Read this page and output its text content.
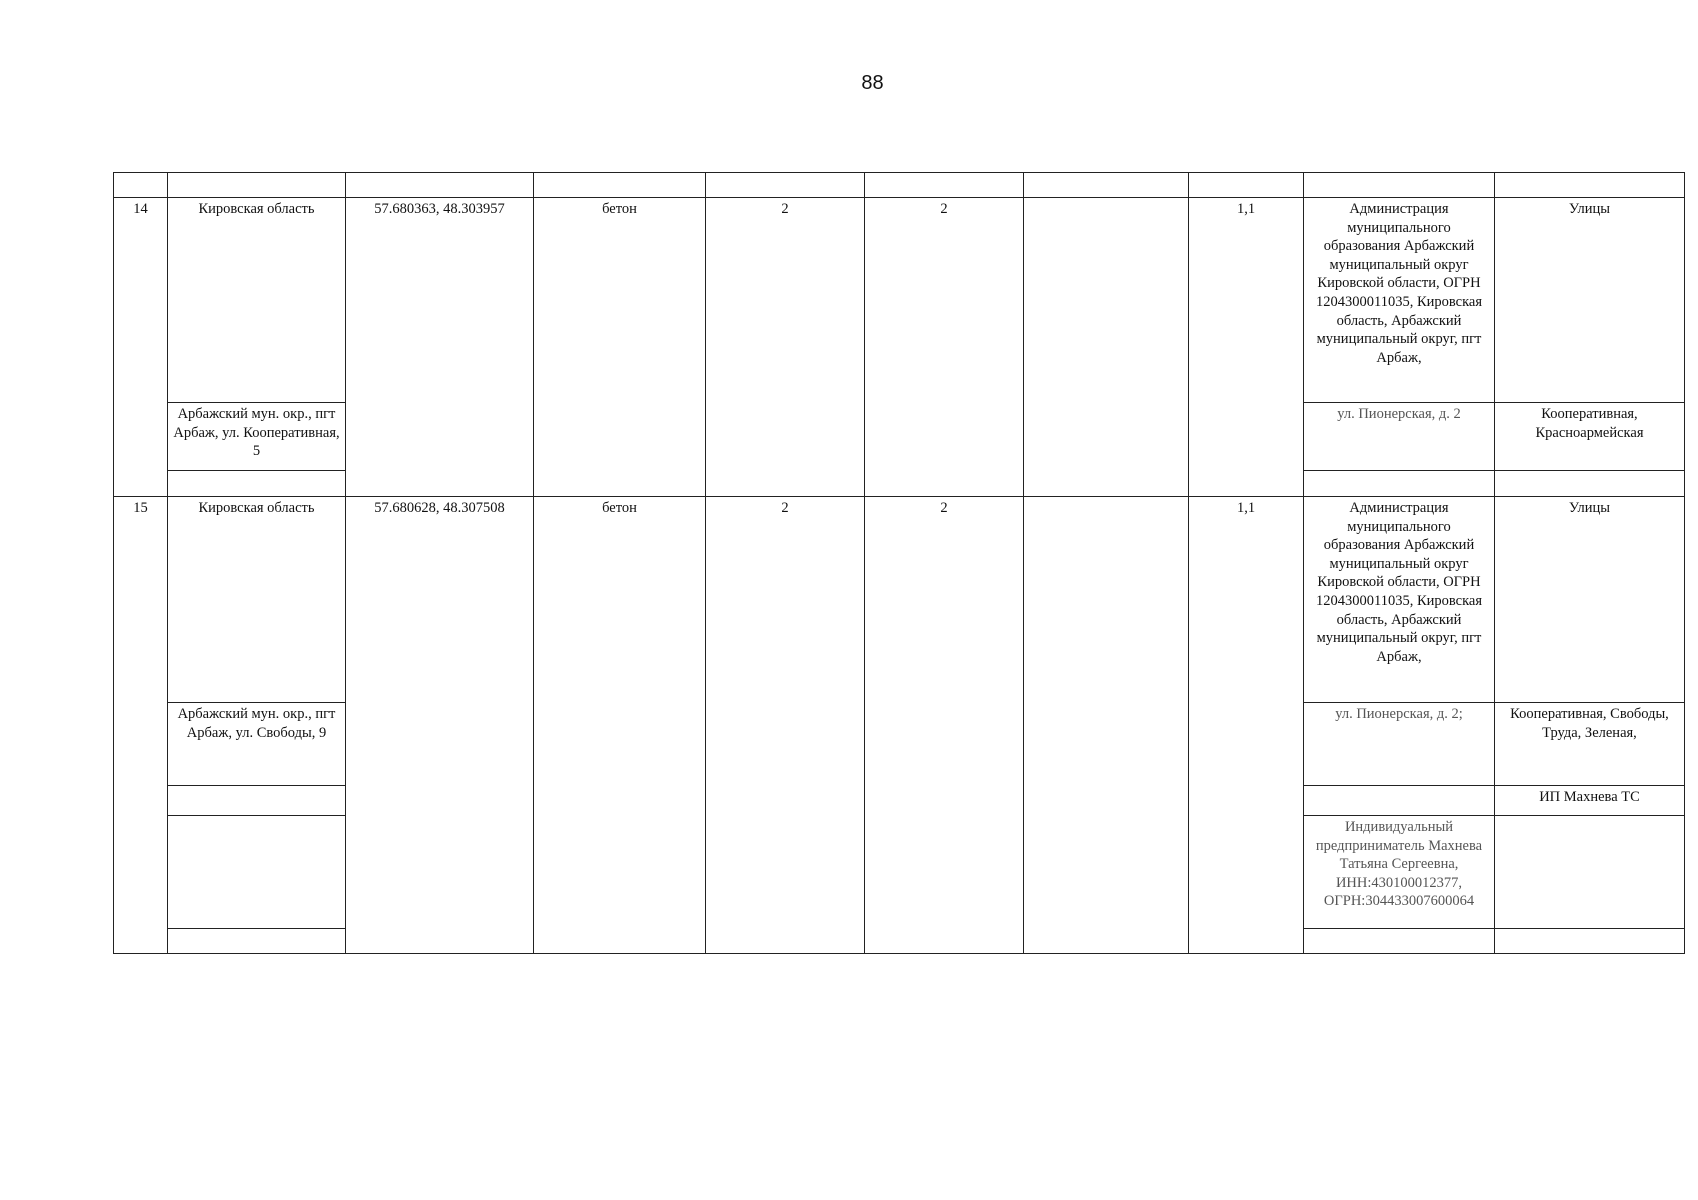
88

14	Кировская область	57.680363, 48.303957	бетон	2	2		1,1	Администрация муниципального образования Арбажский муниципальный округ Кировской области, ОГРН 1204300011035, Кировская область, Арбажский муниципальный округ, пгт Арбаж,	Улицы
	Арбажский мун. окр., пгт Арбаж, ул. Кооперативная, 5							ул. Пионерская, д. 2	Кооперативная, Красноармейская

15	Кировская область	57.680628, 48.307508	бетон	2	2		1,1	Администрация муниципального образования Арбажский муниципальный округ Кировской области, ОГРН 1204300011035, Кировская область, Арбажский муниципальный округ, пгт Арбаж,	Улицы
	Арбажский мун. окр., пгт Арбаж, ул. Свободы, 9							ул. Пионерская, д. 2;	Кооперативная, Свободы, Труда, Зеленая,
									ИП Махнева ТС
								Индивидуальный предприниматель Махнева Татьяна Сергеевна, ИНН:430100012377, ОГРН:304433007600064	
